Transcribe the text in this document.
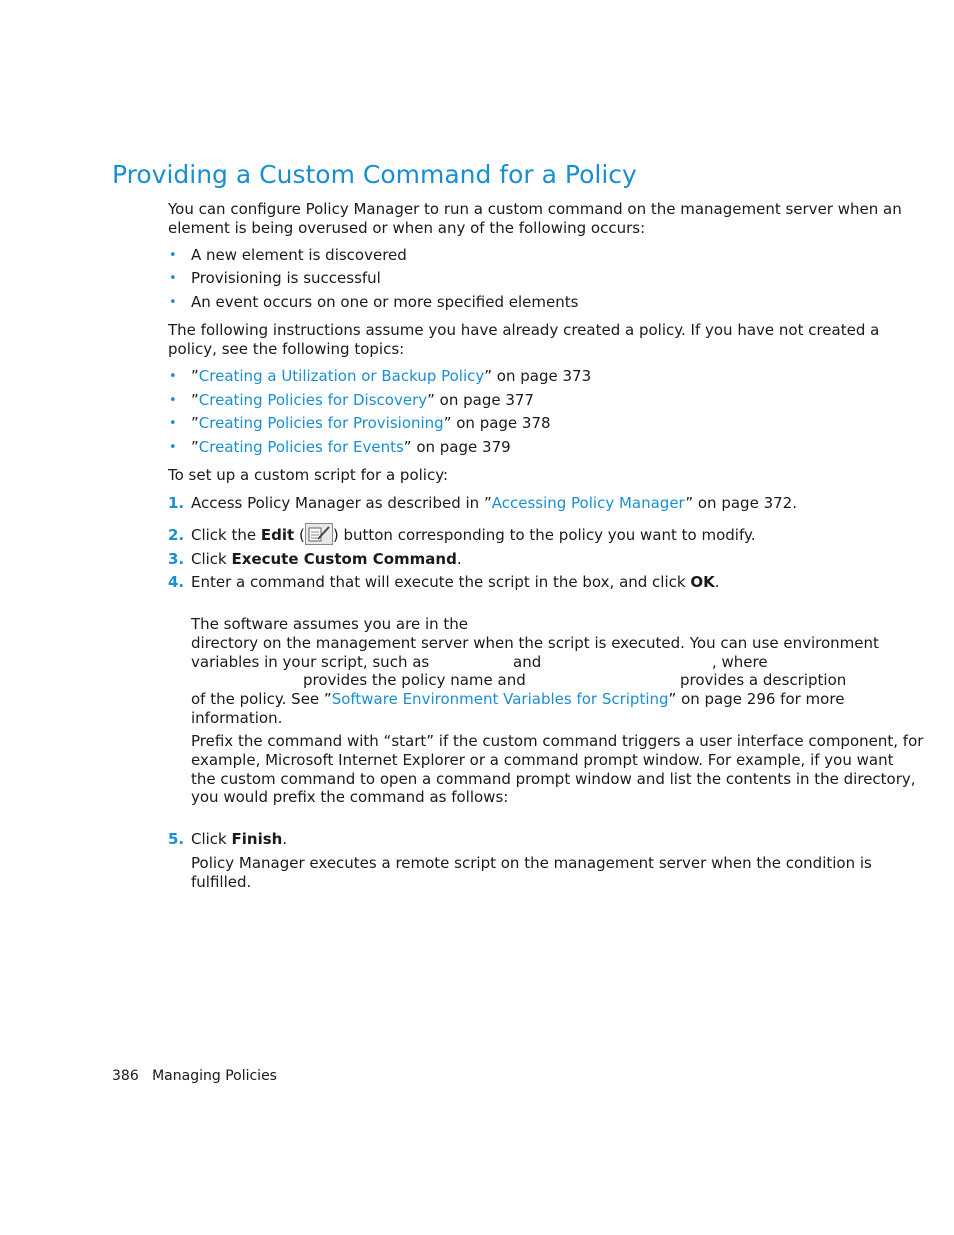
Providing a Custom Command for a Policy
You can configure Policy Manager to run a custom command on the management server when an
element is being overused or when any of the following occurs:
• A new element is discovered
• Provisioning is successful
• An event occurs on one or more specified elements
The following instructions assume you have already created a policy. If you have not created a
policy, see the following topics:
• ”Creating a Utilization or Backup Policy” on page 373
• ”Creating Policies for Discovery” on page 377
• ”Creating Policies for Provisioning” on page 378
• ”Creating Policies for Events” on page 379
To set up a custom script for a policy:
1. Access Policy Manager as described in ”Accessing Policy Manager” on page 372.
2. Click the Edit ( ) button corresponding to the policy you want to modify.
3. Click Execute Custom Command.
4. Enter a command that will execute the script in the box, and click OK.
The software assumes you are in the
directory on the management server when the script is executed. You can use environment
variables in your script, such as	and	, where
provides the policy name and	provides a description
of the policy. See ”Software Environment Variables for Scripting” on page 296 for more
information.
Prefix the command with “start” if the custom command triggers a user interface component, for
example, Microsoft Internet Explorer or a command prompt window. For example, if you want
the custom command to open a command prompt window and list the contents in the directory,
you would prefix the command as follows:
5. Click Finish.
Policy Manager executes a remote script on the management server when the condition is
fulfilled.
386 Managing Policies
